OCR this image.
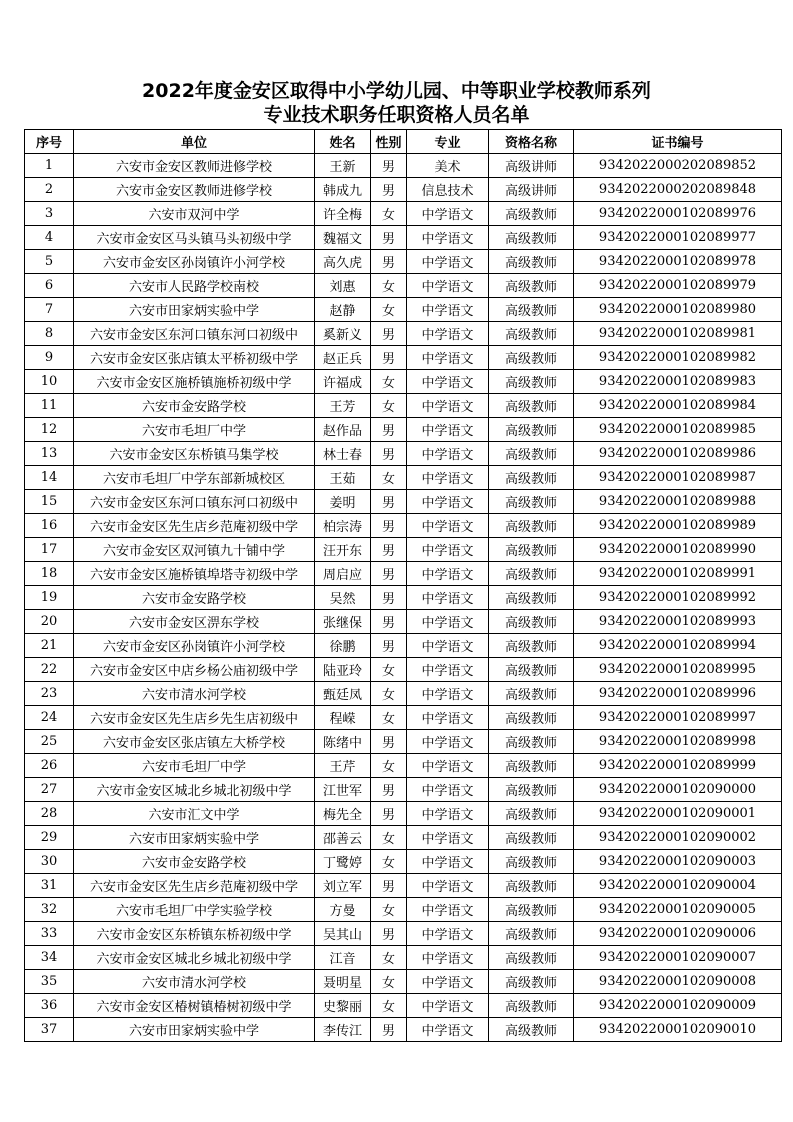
2022年度金安区取得中小学幼儿园、中等职业学校教师系列
专业技术职务任职资格人员名单
序号	单位	姓名	性别	专业	资格名称	证书编号
1	六安市金安区教师进修学校	王新	男	美术	高级讲师	9342022000202089852
2	六安市金安区教师进修学校	韩成九	男	信息技术	高级讲师	9342022000202089848
3	六安市双河中学	许全梅	女	中学语文	高级教师	9342022000102089976
4	六安市金安区马头镇马头初级中学	魏福文	男	中学语文	高级教师	9342022000102089977
5	六安市金安区孙岗镇许小河学校	高久虎	男	中学语文	高级教师	9342022000102089978
6	六安市人民路学校南校	刘惠	女	中学语文	高级教师	9342022000102089979
7	六安市田家炳实验中学	赵静	女	中学语文	高级教师	9342022000102089980
8	六安市金安区东河口镇东河口初级中	奚新义	男	中学语文	高级教师	9342022000102089981
9	六安市金安区张店镇太平桥初级中学	赵正兵	男	中学语文	高级教师	9342022000102089982
10	六安市金安区施桥镇施桥初级中学	许福成	女	中学语文	高级教师	9342022000102089983
11	六安市金安路学校	王芳	女	中学语文	高级教师	9342022000102089984
12	六安市毛坦厂中学	赵作品	男	中学语文	高级教师	9342022000102089985
13	六安市金安区东桥镇马集学校	林士春	男	中学语文	高级教师	9342022000102089986
14	六安市毛坦厂中学东部新城校区	王茹	女	中学语文	高级教师	9342022000102089987
15	六安市金安区东河口镇东河口初级中	姜明	男	中学语文	高级教师	9342022000102089988
16	六安市金安区先生店乡范庵初级中学	柏宗涛	男	中学语文	高级教师	9342022000102089989
17	六安市金安区双河镇九十铺中学	汪开东	男	中学语文	高级教师	9342022000102089990
18	六安市金安区施桥镇埠塔寺初级中学	周启应	男	中学语文	高级教师	9342022000102089991
19	六安市金安路学校	吴然	男	中学语文	高级教师	9342022000102089992
20	六安市金安区淠东学校	张继保	男	中学语文	高级教师	9342022000102089993
21	六安市金安区孙岗镇许小河学校	徐鹏	男	中学语文	高级教师	9342022000102089994
22	六安市金安区中店乡杨公庙初级中学	陆亚玲	女	中学语文	高级教师	9342022000102089995
23	六安市清水河学校	甄廷凤	女	中学语文	高级教师	9342022000102089996
24	六安市金安区先生店乡先生店初级中	程嵘	女	中学语文	高级教师	9342022000102089997
25	六安市金安区张店镇左大桥学校	陈绪中	男	中学语文	高级教师	9342022000102089998
26	六安市毛坦厂中学	王芹	女	中学语文	高级教师	9342022000102089999
27	六安市金安区城北乡城北初级中学	江世军	男	中学语文	高级教师	9342022000102090000
28	六安市汇文中学	梅先全	男	中学语文	高级教师	9342022000102090001
29	六安市田家炳实验中学	邵善云	女	中学语文	高级教师	9342022000102090002
30	六安市金安路学校	丁鹭婷	女	中学语文	高级教师	9342022000102090003
31	六安市金安区先生店乡范庵初级中学	刘立军	男	中学语文	高级教师	9342022000102090004
32	六安市毛坦厂中学实验学校	方曼	女	中学语文	高级教师	9342022000102090005
33	六安市金安区东桥镇东桥初级中学	吴其山	男	中学语文	高级教师	9342022000102090006
34	六安市金安区城北乡城北初级中学	江音	女	中学语文	高级教师	9342022000102090007
35	六安市清水河学校	聂明星	女	中学语文	高级教师	9342022000102090008
36	六安市金安区椿树镇椿树初级中学	史黎丽	女	中学语文	高级教师	9342022000102090009
37	六安市田家炳实验中学	李传江	男	中学语文	高级教师	9342022000102090010
